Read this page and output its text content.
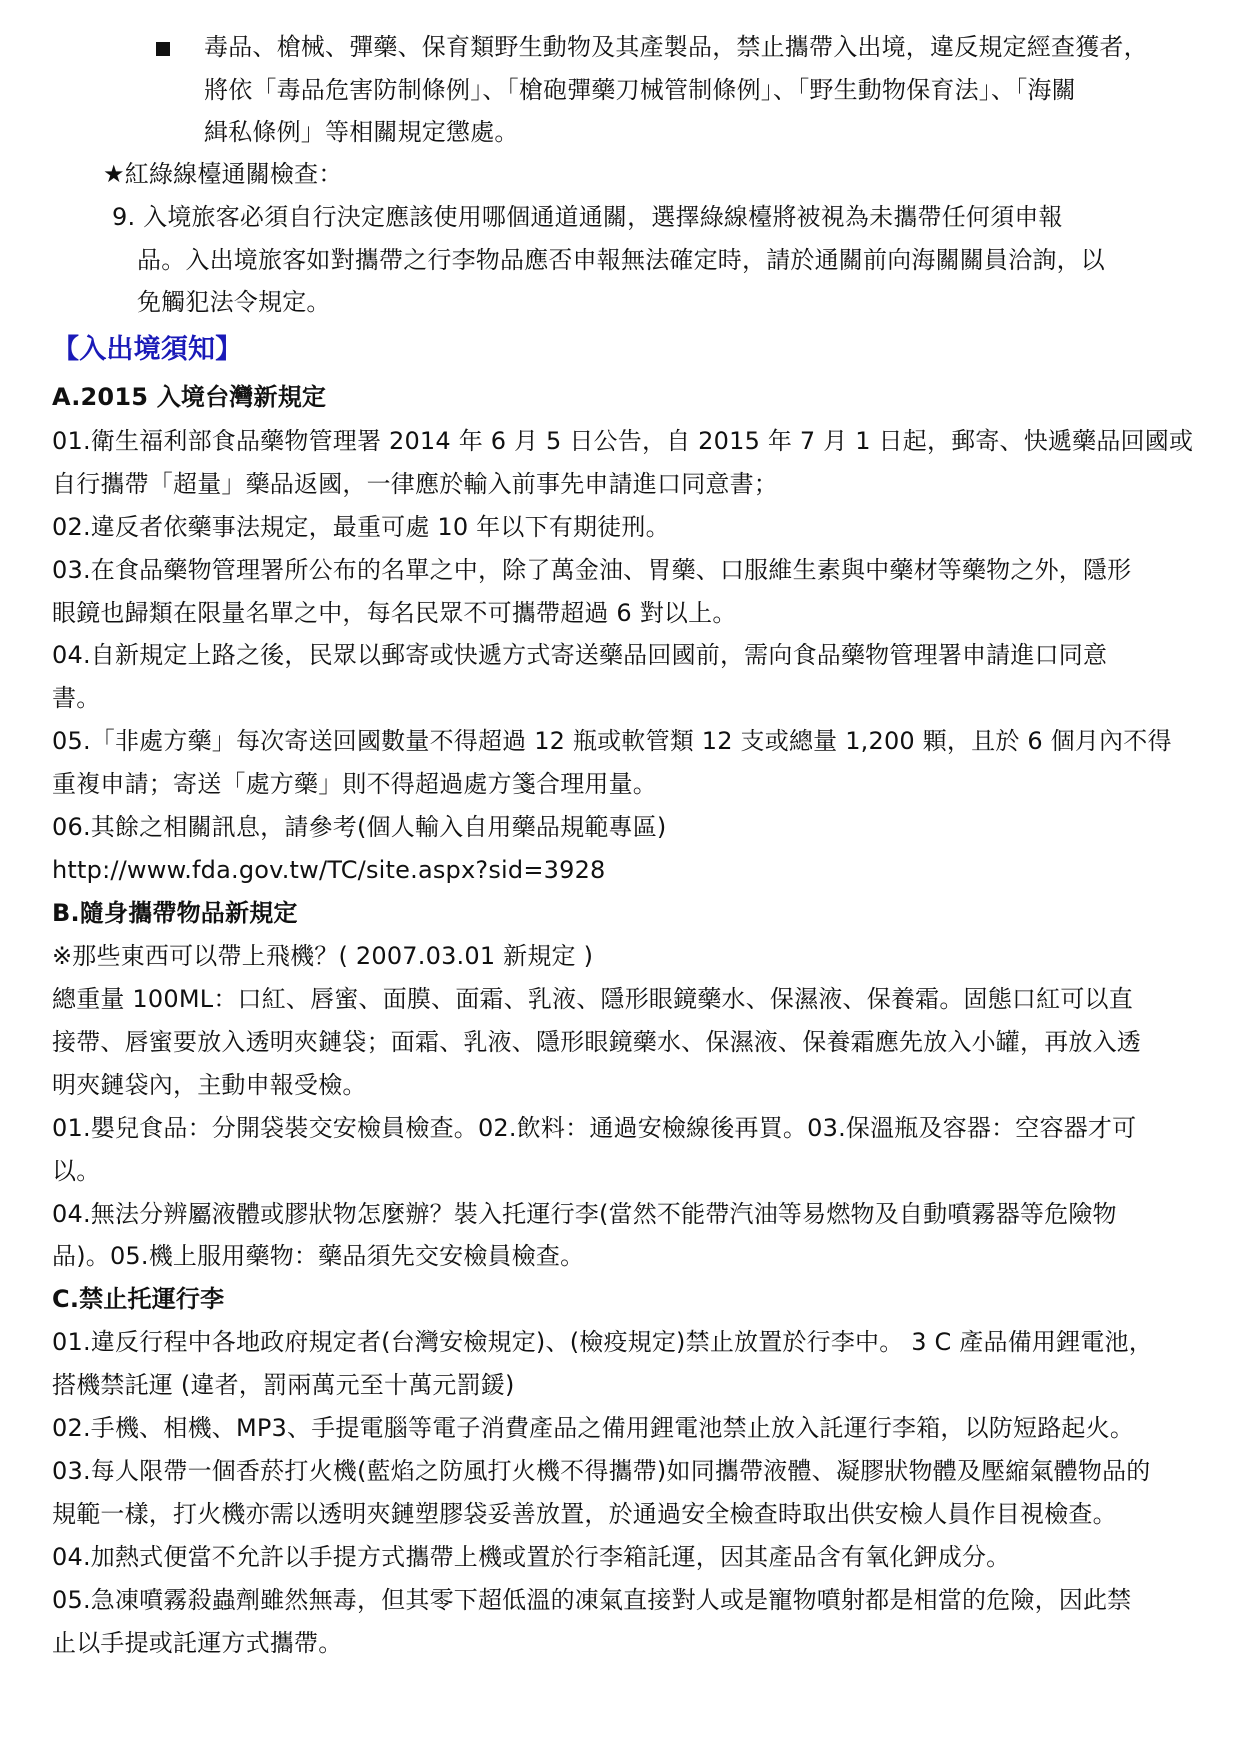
毒品、槍械、彈藥、保育類野生動物及其產製品，禁止攜帶入出境，違反規定經查獲者，
將依「毒品危害防制條例」、「槍砲彈藥刀械管制條例」、「野生動物保育法」、「海關
緝私條例」等相關規定懲處。
★紅綠線檯通關檢查：
9. 入境旅客必須自行決定應該使用哪個通道通關，選擇綠線檯將被視為未攜帶任何須申報
品。入出境旅客如對攜帶之行李物品應否申報無法確定時，請於通關前向海關關員洽詢，以
免觸犯法令規定。
【入出境須知】
A.2015 入境台灣新規定
01.衛生福利部食品藥物管理署 2014 年 6 月 5 日公告，自 2015 年 7 月 1 日起，郵寄、快遞藥品回國或
自行攜帶「超量」藥品返國，一律應於輸入前事先申請進口同意書；
02.違反者依藥事法規定，最重可處 10 年以下有期徒刑。
03.在食品藥物管理署所公布的名單之中，除了萬金油、胃藥、口服維生素與中藥材等藥物之外，隱形
眼鏡也歸類在限量名單之中，每名民眾不可攜帶超過 6 對以上。
04.自新規定上路之後，民眾以郵寄或快遞方式寄送藥品回國前，需向食品藥物管理署申請進口同意
書。
05.「非處方藥」每次寄送回國數量不得超過 12 瓶或軟管類 12 支或總量 1,200 顆，且於 6 個月內不得
重複申請；寄送「處方藥」則不得超過處方箋合理用量。
06.其餘之相關訊息，請參考(個人輸入自用藥品規範專區)
http://www.fda.gov.tw/TC/site.aspx?sid=3928
B.隨身攜帶物品新規定
※那些東西可以帶上飛機？( 2007.03.01 新規定 )
總重量 100ML：口紅、唇蜜、面膜、面霜、乳液、隱形眼鏡藥水、保濕液、保養霜。固態口紅可以直
接帶、唇蜜要放入透明夾鏈袋；面霜、乳液、隱形眼鏡藥水、保濕液、保養霜應先放入小罐，再放入透
明夾鏈袋內，主動申報受檢。
01.嬰兒食品：分開袋裝交安檢員檢查。02.飲料：通過安檢線後再買。03.保溫瓶及容器：空容器才可
以。
04.無法分辨屬液體或膠狀物怎麼辦？裝入托運行李(當然不能帶汽油等易燃物及自動噴霧器等危險物
品)。05.機上服用藥物：藥品須先交安檢員檢查。
C.禁止托運行李
01.違反行程中各地政府規定者(台灣安檢規定)、(檢疫規定)禁止放置於行李中。 3 C 產品備用鋰電池，
搭機禁託運 (違者，罰兩萬元至十萬元罰鍰)
02.手機、相機、MP3、手提電腦等電子消費產品之備用鋰電池禁止放入託運行李箱，以防短路起火。
03.每人限帶一個香菸打火機(藍焰之防風打火機不得攜帶)如同攜帶液體、凝膠狀物體及壓縮氣體物品的
規範一樣，打火機亦需以透明夾鏈塑膠袋妥善放置，於通過安全檢查時取出供安檢人員作目視檢查。
04.加熱式便當不允許以手提方式攜帶上機或置於行李箱託運，因其產品含有氧化鉀成分。
05.急凍噴霧殺蟲劑雖然無毒，但其零下超低溫的凍氣直接對人或是寵物噴射都是相當的危險，因此禁
止以手提或託運方式攜帶。
